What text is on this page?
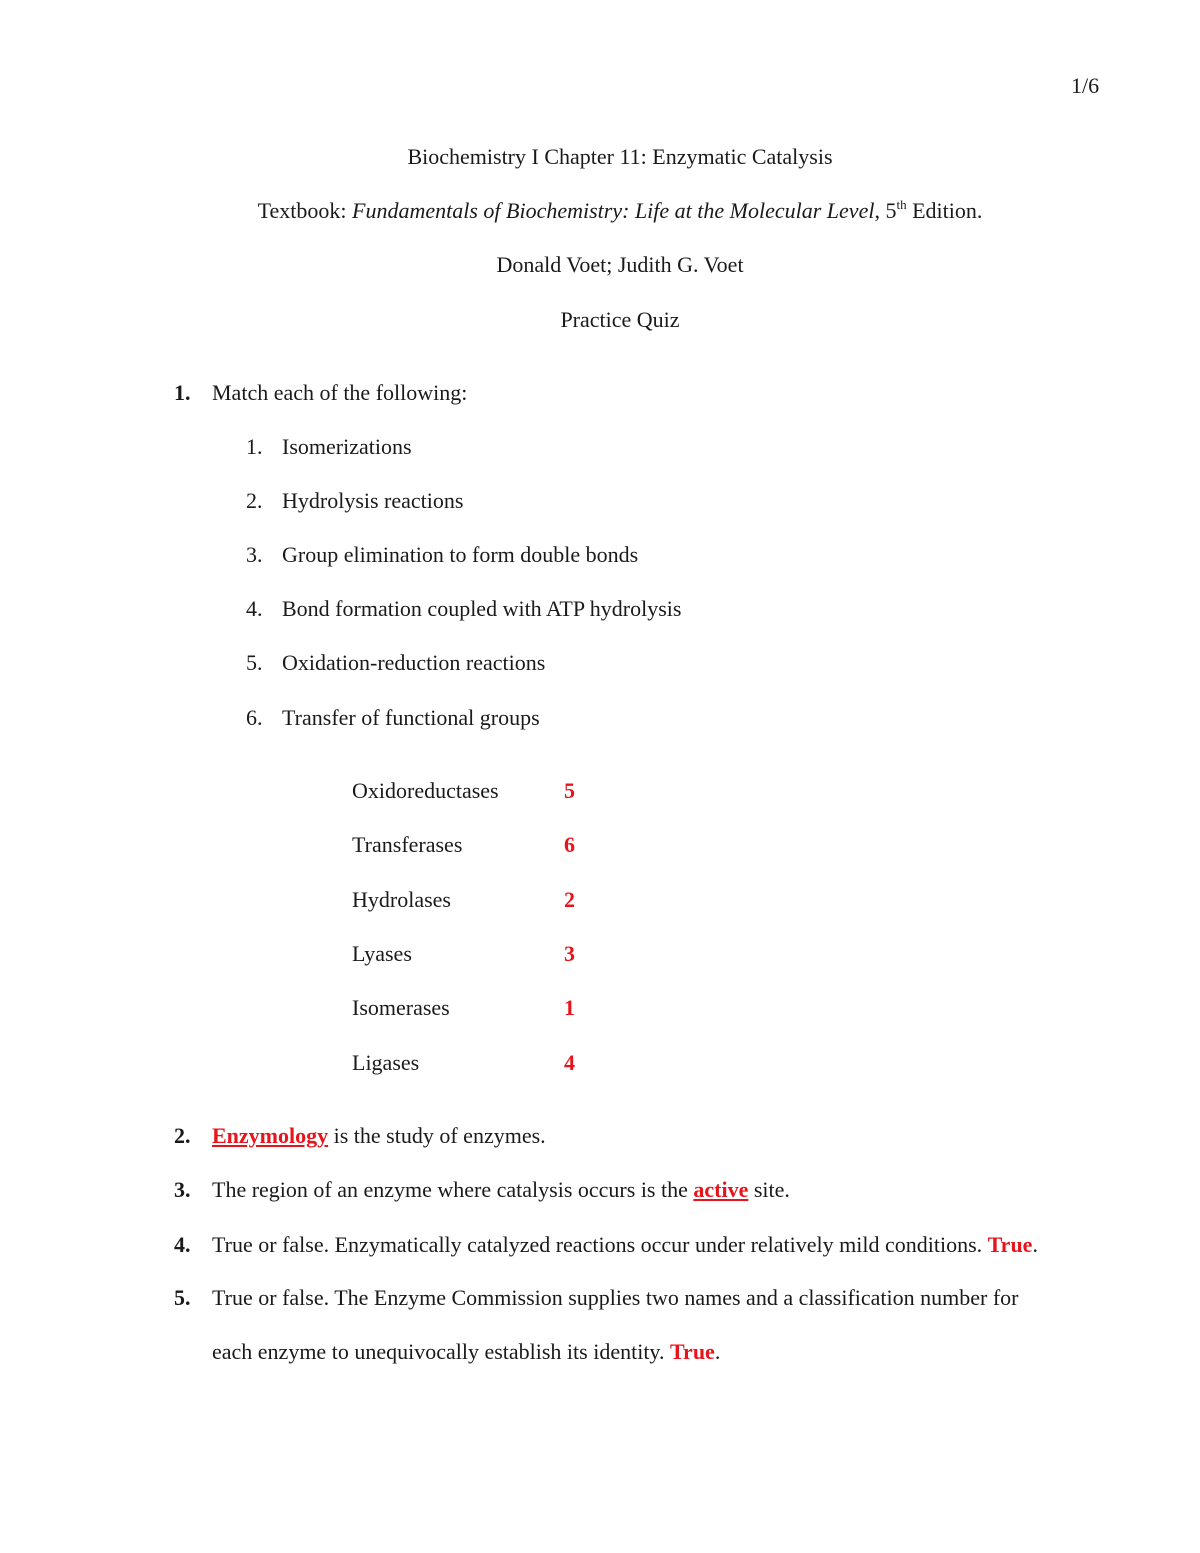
1/6
Biochemistry I Chapter 11: Enzymatic Catalysis
Textbook: Fundamentals of Biochemistry: Life at the Molecular Level, 5th Edition.
Donald Voet; Judith G. Voet
Practice Quiz
1. Match each of the following:
1. Isomerizations
2. Hydrolysis reactions
3. Group elimination to form double bonds
4. Bond formation coupled with ATP hydrolysis
5. Oxidation-reduction reactions
6. Transfer of functional groups
Oxidoreductases	5
Transferases	6
Hydrolases	2
Lyases	3
Isomerases	1
Ligases	4
2. Enzymology is the study of enzymes.
3. The region of an enzyme where catalysis occurs is the active site.
4. True or false. Enzymatically catalyzed reactions occur under relatively mild conditions. True.
5. True or false. The Enzyme Commission supplies two names and a classification number for
each enzyme to unequivocally establish its identity. True.
